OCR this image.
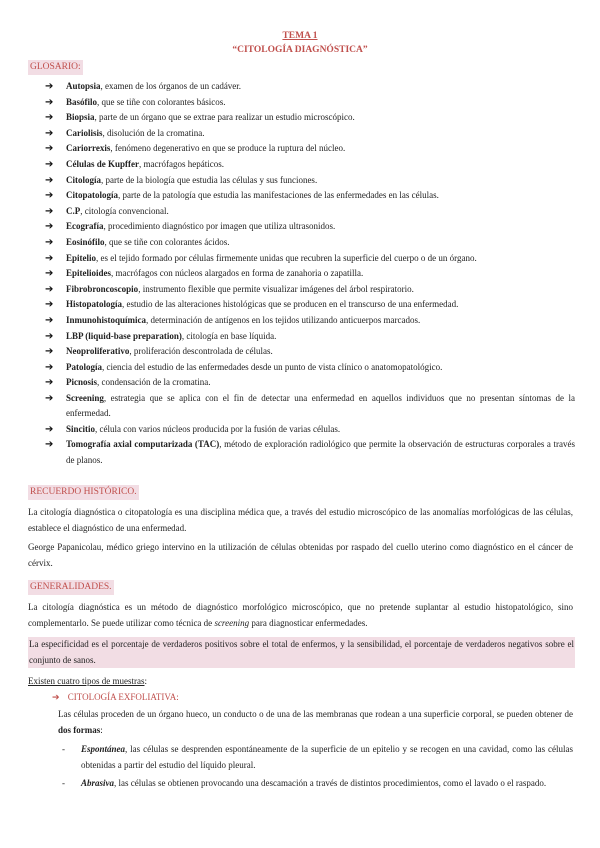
TEMA 1
“CITOLOGÍA DIAGNÓSTICA”
GLOSARIO:
➔ Autopsia, examen de los órganos de un cadáver.
➔ Basófilo, que se tiñe con colorantes básicos.
➔ Biopsia, parte de un órgano que se extrae para realizar un estudio microscópico.
➔ Cariolisis, disolución de la cromatina.
➔ Cariorrexis, fenómeno degenerativo en que se produce la ruptura del núcleo.
➔ Células de Kupffer, macrófagos hepáticos.
➔ Citología, parte de la biología que estudia las células y sus funciones.
➔ Citopatología, parte de la patología que estudia las manifestaciones de las enfermedades en las células.
➔ C.P, citología convencional.
➔ Ecografía, procedimiento diagnóstico por imagen que utiliza ultrasonidos.
➔ Eosinófilo, que se tiñe con colorantes ácidos.
➔ Epitelio, es el tejido formado por células firmemente unidas que recubren la superficie del cuerpo o de un órgano.
➔ Epitelioides, macrófagos con núcleos alargados en forma de zanahoria o zapatilla.
➔ Fibrobroncoscopio, instrumento flexible que permite visualizar imágenes del árbol respiratorio.
➔ Histopatología, estudio de las alteraciones histológicas que se producen en el transcurso de una enfermedad.
➔ Inmunohistoquímica, determinación de antígenos en los tejidos utilizando anticuerpos marcados.
➔ LBP (liquid-base preparation), citología en base líquida.
➔ Neoproliferativo, proliferación descontrolada de células.
➔ Patología, ciencia del estudio de las enfermedades desde un punto de vista clínico o anatomopatológico.
➔ Picnosis, condensación de la cromatina.
➔ Screening, estrategia que se aplica con el fin de detectar una enfermedad en aquellos individuos que no presentan síntomas de la enfermedad.
➔ Sincitio, célula con varios núcleos producida por la fusión de varias células.
➔ Tomografía axial computarizada (TAC), método de exploración radiológico que permite la observación de estructuras corporales a través de planos.
RECUERDO HISTÓRICO.
La citología diagnóstica o citopatología es una disciplina médica que, a través del estudio microscópico de las anomalías morfológicas de las células, establece el diagnóstico de una enfermedad.
George Papanicolau, médico griego intervino en la utilización de células obtenidas por raspado del cuello uterino como diagnóstico en el cáncer de cérvix.
GENERALIDADES.
La citología diagnóstica es un método de diagnóstico morfológico microscópico, que no pretende suplantar al estudio histopatológico, sino complementarlo. Se puede utilizar como técnica de screening para diagnosticar enfermedades.
La especificidad es el porcentaje de verdaderos positivos sobre el total de enfermos, y la sensibilidad, el porcentaje de verdaderos negativos sobre el conjunto de sanos.
Existen cuatro tipos de muestras:
➔ CITOLOGÍA EXFOLIATIVA:
Las células proceden de un órgano hueco, un conducto o de una de las membranas que rodean a una superficie corporal, se pueden obtener de dos formas:
- Espontánea, las células se desprenden espontáneamente de la superficie de un epitelio y se recogen en una cavidad, como las células obtenidas a partir del estudio del líquido pleural.
- Abrasiva, las células se obtienen provocando una descamación a través de distintos procedimientos, como el lavado o el raspado.
